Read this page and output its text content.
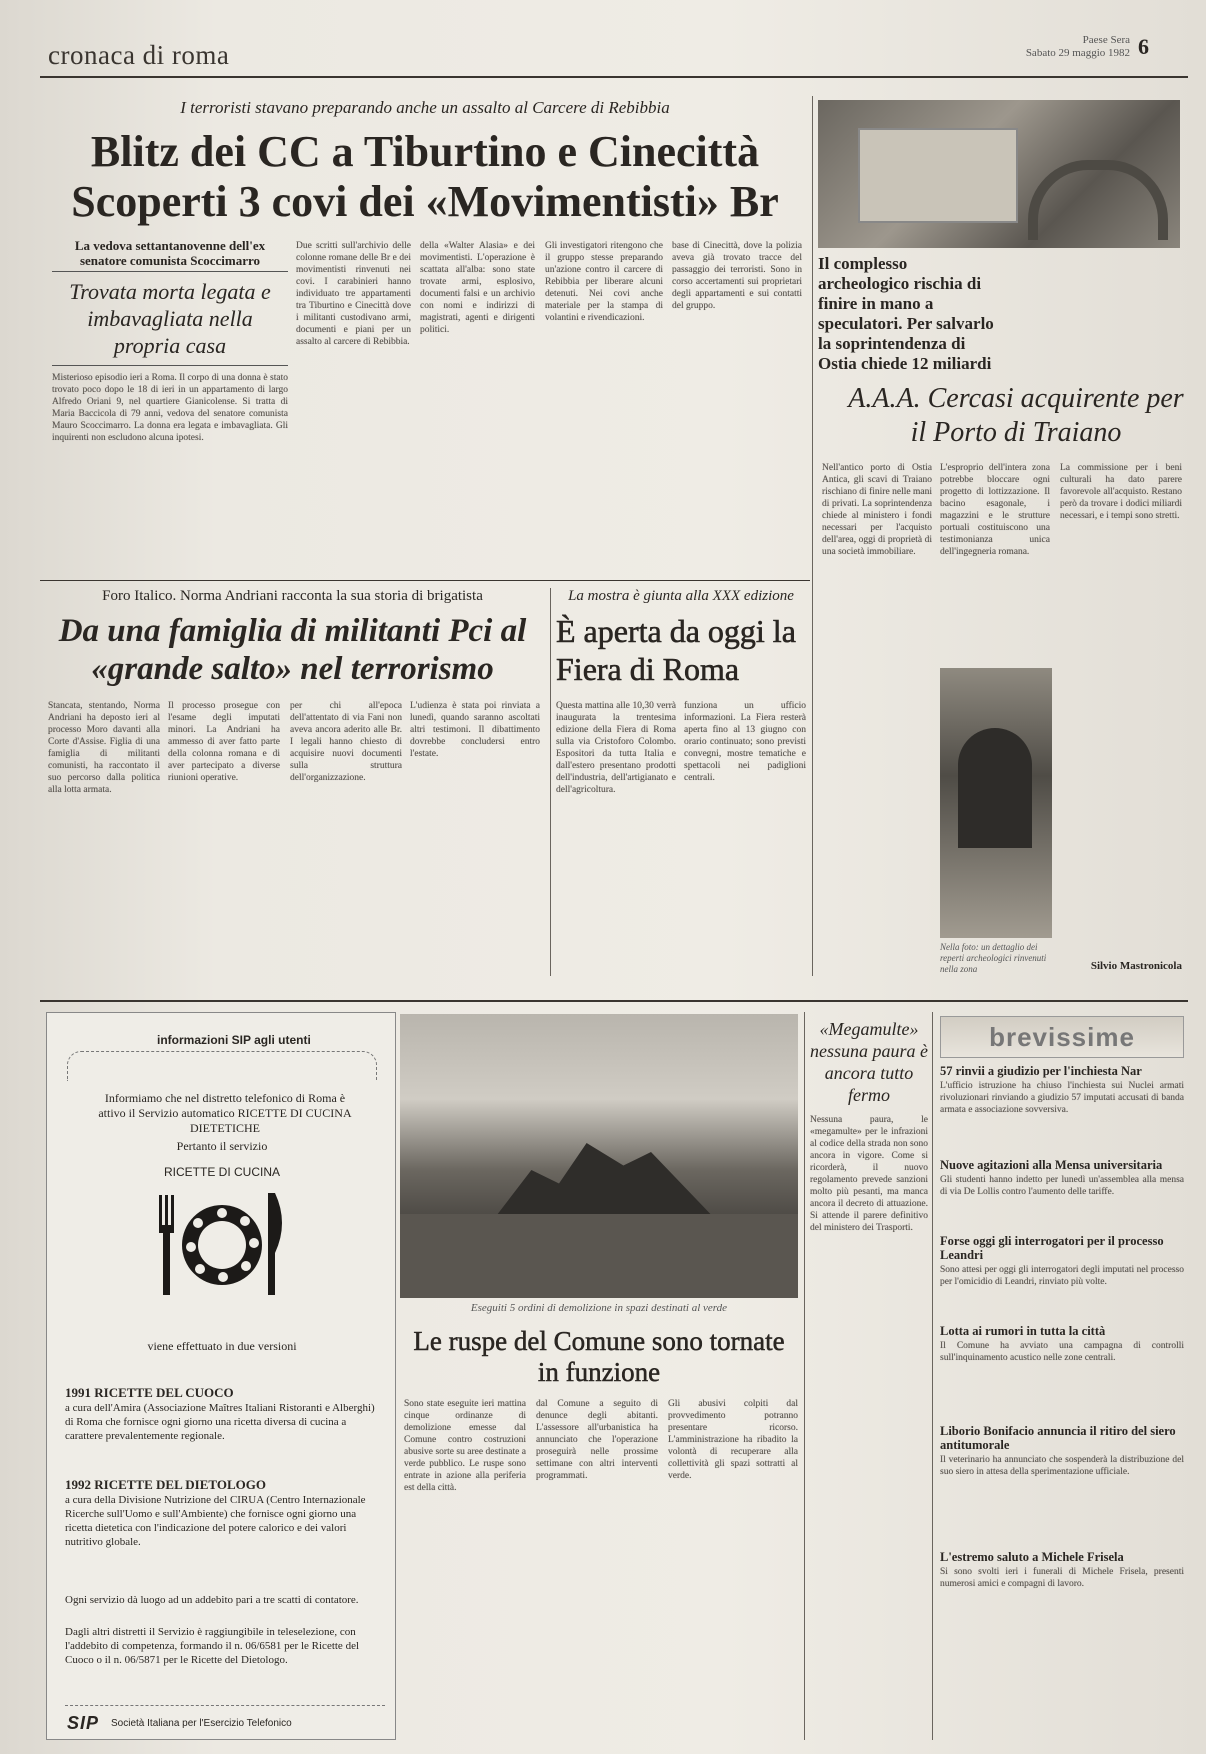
cronaca di roma	Paese Sera
Sabato 29 maggio 1982 6
I terroristi stavano preparando anche un assalto al Carcere di Rebibbia
Blitz dei CC a Tiburtino e Cinecittà
Scoperti 3 covi dei «Movimentisti» Br
La vedova settantanovenne dell'ex senatore comunista Scoccimarro
Trovata morta legata e imbavagliata nella propria casa
Misterioso episodio ieri a Roma. Il corpo di una donna è stato trovato poco dopo le 18 di ieri in un appartamento di largo Alfredo Oriani 9, nel quartiere Gianicolense. Si tratta di Maria Baccicola di 79 anni, vedova del senatore comunista Mauro Scoccimarro. La donna era legata e imbavagliata. Gli inquirenti non escludono alcuna ipotesi.
Due scritti sull'archivio delle colonne romane delle Br e dei movimentisti rinvenuti nei covi. I carabinieri hanno individuato tre appartamenti tra Tiburtino e Cinecittà dove i militanti custodivano armi, documenti e piani per un assalto al carcere di Rebibbia.
della «Walter Alasia» e dei movimentisti. L'operazione è scattata all'alba: sono state trovate armi, esplosivo, documenti falsi e un archivio con nomi e indirizzi di magistrati, agenti e dirigenti politici.
Gli investigatori ritengono che il gruppo stesse preparando un'azione contro il carcere di Rebibbia per liberare alcuni detenuti. Nei covi anche materiale per la stampa di volantini e rivendicazioni.
base di Cinecittà, dove la polizia aveva già trovato tracce del passaggio dei terroristi. Sono in corso accertamenti sui proprietari degli appartamenti e sui contatti del gruppo.
Il complesso archeologico rischia di finire in mano a speculatori. Per salvarlo la soprintendenza di Ostia chiede 12 miliardi
A.A.A. Cercasi acquirente per il Porto di Traiano
Nell'antico porto di Ostia Antica, gli scavi di Traiano rischiano di finire nelle mani di privati. La soprintendenza chiede al ministero i fondi necessari per l'acquisto dell'area, oggi di proprietà di una società immobiliare.
L'esproprio dell'intera zona potrebbe bloccare ogni progetto di lottizzazione. Il bacino esagonale, i magazzini e le strutture portuali costituiscono una testimonianza unica dell'ingegneria romana.
La commissione per i beni culturali ha dato parere favorevole all'acquisto. Restano però da trovare i dodici miliardi necessari, e i tempi sono stretti.
Nella foto: un dettaglio dei reperti archeologici rinvenuti nella zona	Silvio Mastronicola
Foro Italico. Norma Andriani racconta la sua storia di brigatista
Da una famiglia di militanti Pci al «grande salto» nel terrorismo
Stancata, stentando, Norma Andriani ha deposto ieri al processo Moro davanti alla Corte d'Assise. Figlia di una famiglia di militanti comunisti, ha raccontato il suo percorso dalla politica alla lotta armata.
Il processo prosegue con l'esame degli imputati minori. La Andriani ha ammesso di aver fatto parte della colonna romana e di aver partecipato a diverse riunioni operative.
per chi all'epoca dell'attentato di via Fani non aveva ancora aderito alle Br. I legali hanno chiesto di acquisire nuovi documenti sulla struttura dell'organizzazione.
L'udienza è stata poi rinviata a lunedì, quando saranno ascoltati altri testimoni. Il dibattimento dovrebbe concludersi entro l'estate.
La mostra è giunta alla XXX edizione
È aperta da oggi la Fiera di Roma
Questa mattina alle 10,30 verrà inaugurata la trentesima edizione della Fiera di Roma sulla via Cristoforo Colombo. Espositori da tutta Italia e dall'estero presentano prodotti dell'industria, dell'artigianato e dell'agricoltura.
funziona un ufficio informazioni. La Fiera resterà aperta fino al 13 giugno con orario continuato; sono previsti convegni, mostre tematiche e spettacoli nei padiglioni centrali.
informazioni SIP agli utenti
Informiamo che nel distretto telefonico di Roma è attivo il Servizio automatico RICETTE DI CUCINA DIETETICHE
Pertanto il servizio
RICETTE DI CUCINA
viene effettuato in due versioni
1991 RICETTE DEL CUOCO
a cura dell'Amira (Associazione Maîtres Italiani Ristoranti e Alberghi) di Roma che fornisce ogni giorno una ricetta diversa di cucina a carattere prevalentemente regionale.
1992 RICETTE DEL DIETOLOGO
a cura della Divisione Nutrizione del CIRUA (Centro Internazionale Ricerche sull'Uomo e sull'Ambiente) che fornisce ogni giorno una ricetta dietetica con l'indicazione del potere calorico e dei valori nutritivo globale.
Ogni servizio dà luogo ad un addebito pari a tre scatti di contatore.
Dagli altri distretti il Servizio è raggiungibile in teleselezione, con l'addebito di competenza, formando il n. 06/6581 per le Ricette del Cuoco o il n. 06/5871 per le Ricette del Dietologo.
SIP Società Italiana per l'Esercizio Telefonico
Eseguiti 5 ordini di demolizione in spazi destinati al verde
Le ruspe del Comune sono tornate in funzione
Sono state eseguite ieri mattina cinque ordinanze di demolizione emesse dal Comune contro costruzioni abusive sorte su aree destinate a verde pubblico. Le ruspe sono entrate in azione alla periferia est della città.
dal Comune a seguito di denunce degli abitanti. L'assessore all'urbanistica ha annunciato che l'operazione proseguirà nelle prossime settimane con altri interventi programmati.
Gli abusivi colpiti dal provvedimento potranno presentare ricorso. L'amministrazione ha ribadito la volontà di recuperare alla collettività gli spazi sottratti al verde.
«Megamulte» nessuna paura è ancora tutto fermo
Nessuna paura, le «megamulte» per le infrazioni al codice della strada non sono ancora in vigore. Come si ricorderà, il nuovo regolamento prevede sanzioni molto più pesanti, ma manca ancora il decreto di attuazione. Si attende il parere definitivo del ministero dei Trasporti.
brevissime
57 rinvii a giudizio per l'inchiesta Nar
L'ufficio istruzione ha chiuso l'inchiesta sui Nuclei armati rivoluzionari rinviando a giudizio 57 imputati accusati di banda armata e associazione sovversiva.
Nuove agitazioni alla Mensa universitaria
Gli studenti hanno indetto per lunedì un'assemblea alla mensa di via De Lollis contro l'aumento delle tariffe.
Forse oggi gli interrogatori per il processo Leandri
Sono attesi per oggi gli interrogatori degli imputati nel processo per l'omicidio di Leandri, rinviato più volte.
Lotta ai rumori in tutta la città
Il Comune ha avviato una campagna di controlli sull'inquinamento acustico nelle zone centrali.
Liborio Bonifacio annuncia il ritiro del siero antitumorale
Il veterinario ha annunciato che sospenderà la distribuzione del suo siero in attesa della sperimentazione ufficiale.
L'estremo saluto a Michele Frisela
Si sono svolti ieri i funerali di Michele Frisela, presenti numerosi amici e compagni di lavoro.
